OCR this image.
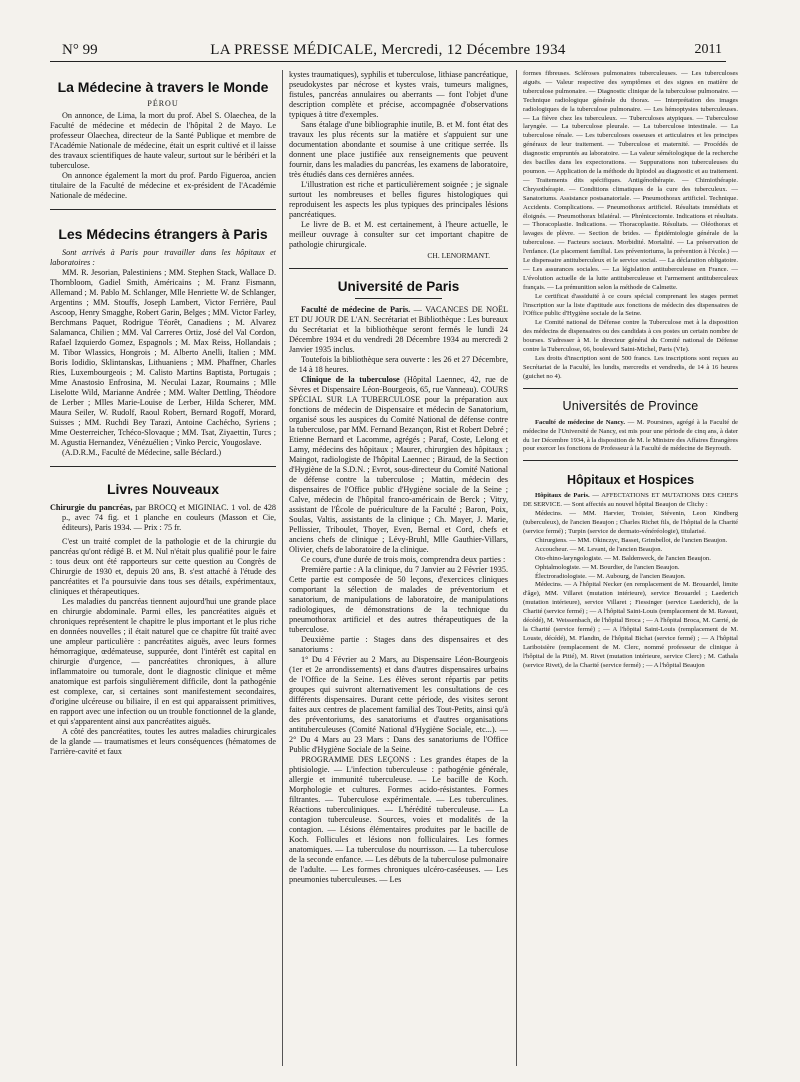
N° 99	LA PRESSE MÉDICALE, Mercredi, 12 Décembre 1934	2011
La Médecine à travers le Monde
PÉROU

On annonce, de Lima, la mort du prof. Abel S. Olaechea, de la Faculté de médecine et médecin de l'hôpital 2 de Mayo. Le professeur Olaechea, directeur de la Santé Publique et membre de l'Académie Nationale de médecine, était un esprit cultivé et il laisse des travaux scientifiques de haute valeur, surtout sur le béribéri et la tuberculose.

On annonce également la mort du prof. Pardo Figueroa, ancien titulaire de la Faculté de médecine et ex-président de l'Académie Nationale de médecine.

Les Médecins étrangers à Paris

Sont arrivés à Paris pour travailler dans les hôpitaux et laboratoires :

MM. R. Jesorian, Palestiniens ; MM. Stephen Stack, Wallace D. Thornbloom, Gadiel Smith, Américains ; M. Franz Fismann, Allemand ; M. Pablo M. Schlanger, Mlle Henriette W. de Schlanger, Argentins ; MM. Stouffs, Joseph Lambert, Victor Ferrière, Paul Ascoop, Henry Smagghe, Robert Garin, Belges ; MM. Victor Farley, Berchmans Paquet, Rodrigue Téorêt, Canadiens ; M. Alvarez Salamanca, Chilien ; MM. Val Carreres Ortiz, José del Val Cordon, Rafael Izquierdo Gomez, Espagnols ; M. Max Reiss, Hollandais ; M. Tibor Wlassics, Hongrois ; M. Alberto Anelli, Italien ; MM. Boris Iodidio, Sklintanskas, Lithuaniens ; MM. Phaffner, Charles Ries, Luxembourgeois ; M. Calisto Martins Baptista, Portugais ; Mme Anastosio Enfrosina, M. Neculai Lazar, Roumains ; Mlle Liselotte Wild, Marianne Andrée ; MM. Walter Dettling, Théodore de Lerber ; Mlles Marie-Louise de Lerber, Hilda Scherer, MM. Maura Seiler, W. Rudolf, Raoul Robert, Bernard Rogoff, Morard, Suisses ; MM. Ruchdi Bey Tarazi, Antoine Cachécho, Syriens ; Mme Oesterreicher, Tchéco-Slovaque ; MM. Tsat, Ziyaettin, Turcs ; M. Agustia Hernandez, Vénézuélien ; Vinko Percic, Yougoslave.

(A.D.R.M., Faculté de Médecine, salle Béclard.)

Livres Nouveaux

Chirurgie du pancréas, par BROCQ et MIGINIAC. 1 vol. de 428 p., avec 74 fig. et 1 planche en couleurs (Masson et Cie, éditeurs), Paris 1934. — Prix : 75 fr.

C'est un traité complet de la pathologie et de la chirurgie du pancréas qu'ont rédigé B. et M. Nul n'était plus qualifié pour le faire : tous deux ont été rapporteurs sur cette question au Congrès de Chirurgie de 1930 et, depuis 20 ans, B. s'est attaché à l'étude des pancréatites et l'a poursuivie dans tous ses détails, expérimentaux, cliniques et thérapeutiques.

Les maladies du pancréas tiennent aujourd'hui une grande place en chirurgie abdominale. Parmi elles, les pancréatites aiguës et chroniques représentent le chapitre le plus important et le plus riche en données nouvelles ; il était naturel que ce chapitre fût traité avec une ampleur particulière : pancréatites aiguës, avec leurs formes hémorragique, œdémateuse, suppurée, dont l'intérêt est capital en chirurgie d'urgence, — pancréatites chroniques, à allure inflammatoire ou tumorale, dont le diagnostic clinique et même anatomique est parfois singulièrement difficile, dont la pathogénie est complexe, car, si certaines sont manifestement secondaires, d'origine ulcéreuse ou biliaire, il en est qui apparaissent primitives, en rapport avec une infection ou un trouble fonctionnel de la glande, et qui s'apparentent ainsi aux pancréatites aiguës.

A côté des pancréatites, toutes les autres maladies chirurgicales de la glande — traumatismes et leurs conséquences (hématomes de l'arrière-cavité et faux

kystes traumatiques), syphilis et tuberculose, lithiase pancréatique, pseudokystes par nécrose et kystes vrais, tumeurs malignes, fistules, pancréas annulaires ou aberrants — font l'objet d'une description complète et précise, accompagnée d'observations typiques à titre d'exemples.

Sans étalage d'une bibliographie inutile, B. et M. font état des travaux les plus récents sur la matière et s'appuient sur une documentation abondante et soumise à une critique serrée. Ils donnent une place justifiée aux renseignements que peuvent fournir, dans les maladies du pancréas, les examens de laboratoire, très étudiés dans ces dernières années.

L'illustration est riche et particulièrement soignée ; je signale surtout les nombreuses et belles figures histologiques qui reproduisent les aspects les plus typiques des principales lésions pancréatiques.

Le livre de B. et M. est certainement, à l'heure actuelle, le meilleur ouvrage à consulter sur cet important chapitre de pathologie chirurgicale.

CH. LENORMANT.
Université de Paris

Faculté de médecine de Paris. — VACANCES DE NOËL ET DU JOUR DE L'AN. Secrétariat et Bibliothèque : Les bureaux du Secrétariat et la bibliothèque seront fermés le lundi 24 Décembre 1934 et du vendredi 28 Décembre 1934 au mercredi 2 Janvier 1935 inclus.

Toutefois la bibliothèque sera ouverte : les 26 et 27 Décembre, de 14 à 18 heures.

Clinique de la tuberculose (Hôpital Laennec, 42, rue de Sèvres et Dispensaire Léon-Bourgeois, 65, rue Vanneau). COURS SPÉCIAL SUR LA TUBERCULOSE pour la préparation aux fonctions de médecin de Dispensaire et médecin de Sanatorium, organisé sous les auspices du Comité National de défense contre la tuberculose, par MM. Fernand Bezançon, Rist et Robert Debré ; Etienne Bernard et Lacomme, agrégés ; Paraf, Coste, Lelong et Lamy, médecins des hôpitaux ; Maurer, chirurgien des hôpitaux ; Maingot, radiologiste de l'hôpital Laennec ; Biraud, de la Section d'Hygiène de la S.D.N. ; Evrot, sous-directeur du Comité National de défense contre la tuberculose ; Mattin, médecin des dispensaires de l'Office public d'Hygiène sociale de la Seine ; Calve, médecin de l'hôpital franco-américain de Berck ; Vitry, assistant de l'École de puériculture de la Faculté ; Baron, Poix, Soulas, Valtis, assistants de la clinique ; Ch. Mayer, J. Marie, Pellissier, Triboulet, Thoyer, Even, Bernal et Cord, chefs et anciens chefs de clinique ; Lévy-Bruhl, Mlle Gauthier-Villars, Olivier, chefs de laboratoire de la clinique.

Ce cours, d'une durée de trois mois, comprendra deux parties :

Première partie : A la clinique, du 7 Janvier au 2 Février 1935. Cette partie est composée de 50 leçons, d'exercices cliniques comportant la sélection de malades de préventorium et sanatorium, de manipulations de laboratoire, de manipulations radiologiques, de démonstrations de la technique du pneumothorax artificiel et des autres thérapeutiques de la tuberculose.

Deuxième partie : Stages dans des dispensaires et des sanatoriums :

1° Du 4 Février au 2 Mars, au Dispensaire Léon-Bourgeois (1er et 2e arrondissements) et dans d'autres dispensaires urbains de l'Office de la Seine. Les élèves seront répartis par petits groupes qui suivront alternativement les consultations de ces différents dispensaires. Durant cette période, des visites seront faites aux centres de placement familial des Tout-Petits, ainsi qu'à des préventoriums, des sanatoriums et d'autres organisations antituberculeuses (Comité National d'Hygiène Sociale, etc...). — 2° Du 4 Mars au 23 Mars : Dans des sanatoriums de l'Office Public d'Hygiène Sociale de la Seine.

PROGRAMME DES LEÇONS : Les grandes étapes de la phtisiologie. — L'infection tuberculeuse : pathogénie générale, allergie et immunité tuberculeuse. — Le bacille de Koch. Morphologie et cultures. Formes acido-résistantes. Formes filtrantes. — Tuberculose expérimentale. — Les tuberculines. Réactions tuberculiniques. — L'hérédité tuberculeuse. — La contagion tuberculeuse. Sources, voies et modalités de la contagion. — Lésions élémentaires produites par le bacille de Koch. Follicules et lésions non folliculaires. Les formes anatomiques. — La tuberculose du nourrisson. — La tuberculose de la seconde enfance. — Les débuts de la tuberculose pulmonaire de l'adulte. — Les formes chroniques ulcéro-caséeuses. — Les pneumonies tuberculeuses. — Les

formes fibreuses. Scléroses pulmonaires tuberculeuses. — Les tuberculoses aiguës. — Valeur respective des symptômes et des signes en matière de tuberculose pulmonaire. — Diagnostic clinique de la tuberculose pulmonaire. — Technique radiologique générale du thorax. — Interprétation des images radiologiques de la tuberculose pulmonaire. — Les hémoptysies tuberculeuses. — La fièvre chez les tuberculeux. — Tuberculoses atypiques. — Tuberculose laryngée. — La tuberculose pleurale. — La tuberculose intestinale. — La tuberculose rénale. — Les tuberculoses osseuses et articulaires et les principes généraux de leur traitement. — Tuberculose et maternité. — Procédés de diagnostic empruntés au laboratoire. — La valeur séméiologique de la recherche des bacilles dans les expectorations. — Suppurations non tuberculeuses du poumon. — Application de la méthode du lipiodol au diagnostic et au traitement. — Traitements dits spécifiques. Antigénothérapie. — Chimiothérapie. Chrysothérapie. — Conditions climatiques de la cure des tuberculeux. — Sanatoriums. Assistance postsanatoriale. — Pneumothorax artificiel. Technique. Accidents. Complications. — Pneumothorax artificiel. Résultats immédiats et éloignés. — Pneumothorax bilatéral. — Phrénicectomie. Indications et résultats. — Thoracoplastie. Indications. — Thoracoplastie. Résultats. — Oléothorax et lavages de plèvre. — Section de brides. — Épidémiologie générale de la tuberculose. — Facteurs sociaux. Morbidité. Mortalité. — La préservation de l'enfance. (Le placement familial. Les préventoriums, la prévention à l'école.) — Le dispensaire antituberculeux et le service social. — La déclaration obligatoire. — Les assurances sociales. — La législation antituberculeuse en France. — L'évolution actuelle de la lutte antituberculeuse et l'armement antituberculeux français. — La prémunition selon la méthode de Calmette.

Le certificat d'assiduité à ce cours spécial comprenant les stages permet l'inscription sur la liste d'aptitude aux fonctions de médecin des dispensaires de l'Office public d'Hygiène sociale de la Seine.

Le Comité national de Défense contre la Tuberculose met à la disposition des médecins de dispensaires ou des candidats à ces postes un certain nombre de bourses. S'adresser à M. le directeur général du Comité national de Défense contre la Tuberculose, 66, boulevard Saint-Michel, Paris (VIe).

Les droits d'inscription sont de 500 francs. Les inscriptions sont reçues au Secrétariat de la Faculté, les lundis, mercredis et vendredis, de 14 à 16 heures (guichet no 4).

Universités de Province

Faculté de médecine de Nancy. — M. Poursines, agrégé à la Faculté de médecine de l'Université de Nancy, est mis pour une période de cinq ans, à dater du 1er Décembre 1934, à la disposition de M. le Ministre des Affaires Étrangères pour exercer les fonctions de Professeur à la Faculté de médecine de Beyrouth.

Hôpitaux et Hospices

Hôpitaux de Paris. — AFFECTATIONS ET MUTATIONS DES CHEFS DE SERVICE. — Sont affectés au nouvel hôpital Beaujon de Clichy :

Médecins. — MM. Harvier, Troisier, Stévenin, Leon Kindberg (tuberculeux), de l'ancien Beaujon ; Charles Richet fils, de l'hôpital de la Charité (service fermé) ; Turpin (service de dermato-vénéréologie), titularisé.

Chirurgiens. — MM. Okinczyc, Basset, Grimbellot, de l'ancien Beaujon.

Accoucheur. — M. Levant, de l'ancien Beaujon.

Oto-rhino-laryngologiste. — M. Baldenweck, de l'ancien Beaujon.

Ophtalmologiste. — M. Bourdier, de l'ancien Beaujon.

Électroradiologiste. — M. Aubourg, de l'ancien Beaujon.

Médecins. — A l'hôpital Necker (en remplacement de M. Brouardel, limite d'âge), MM. Villaret (mutation intérieure), service Brouardel ; Laederich (mutation intérieure), service Villaret ; Fiessinger (service Laederich), de la Charité (service fermé) ; — A l'hôpital Saint-Louis (remplacement de M. Ravaut, décédé), M. Weissenbach, de l'hôpital Broca ; — A l'hôpital Broca, M. Carrié, de la Charité (service fermé) ; — A l'hôpital Saint-Louis (remplacement de M. Louste, décédé), M. Flandin, de l'hôpital Bichat (service fermé) ; — A l'hôpital Lariboisière (remplacement de M. Clerc, nommé professeur de clinique à l'hôpital de la Pitié), M. Rivet (mutation intérieure, service Clerc) ; M. Cathala (service Rivet), de la Charité (service fermé) ; — A l'hôpital Beaujon
